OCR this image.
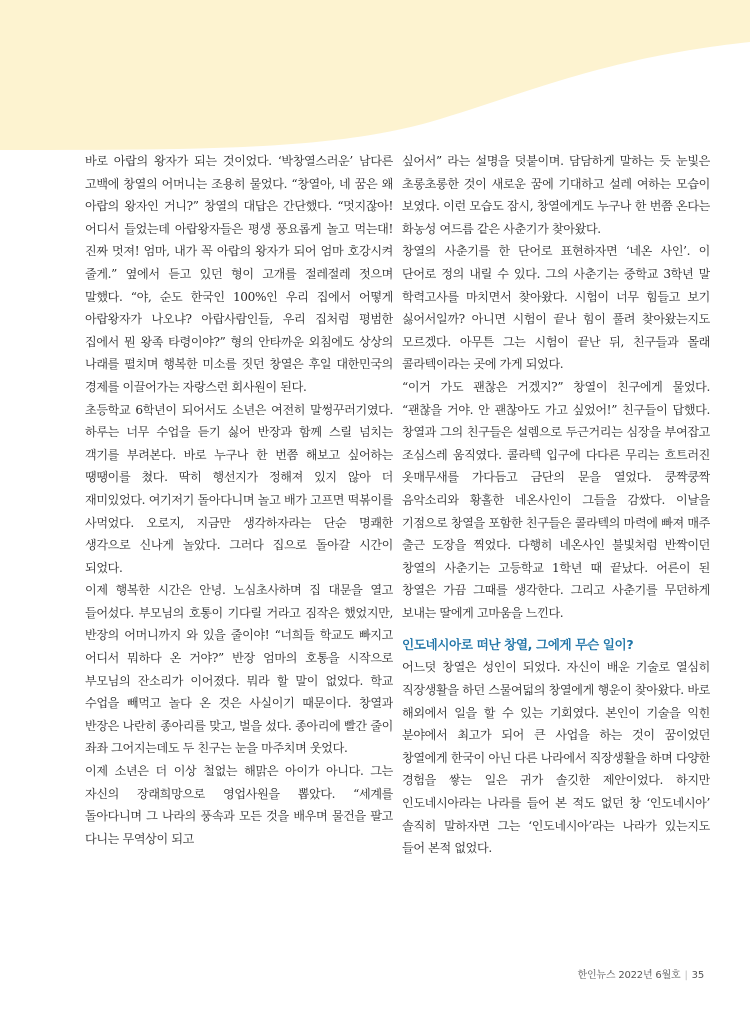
바로 아랍의 왕자가 되는 것이었다. ‘박창열스러운’ 남다른 고백에 창열의 어머니는 조용히 물었다. “창열아, 네 꿈은 왜 아랍의 왕자인 거니?” 창열의 대답은 간단했다. “멋지잖아! 어디서 들었는데 아랍왕자들은 평생 풍요롭게 놀고 먹는대! 진짜 멋져! 엄마, 내가 꼭 아랍의 왕자가 되어 엄마 호강시켜 줄게.” 옆에서 듣고 있던 형이 고개를 절레절레 젓으며 말했다. “야, 순도 한국인 100%인 우리 집에서 어떻게 아랍왕자가 나오냐? 아랍사람인들, 우리 집처럼 평범한 집에서 뭔 왕족 타령이야?” 형의 안타까운 외침에도 상상의 나래를 펼치며 행복한 미소를 짓던 창열은 후일 대한민국의 경제를 이끌어가는 자랑스런 회사원이 된다.

초등학교 6학년이 되어서도 소년은 여전히 말썽꾸러기였다. 하루는 너무 수업을 듣기 싫어 반장과 함께 스릴 넘치는 객기를 부려본다. 바로 누구나 한 번쯤 해보고 싶어하는 땡땡이를 쳤다. 딱히 행선지가 정해져 있지 않아 더 재미있었다. 여기저기 돌아다니며 놀고 배가 고프면 떡볶이를 사먹었다. 오로지, 지금만 생각하자라는 단순 명쾌한 생각으로 신나게 놀았다. 그러다 집으로 돌아갈 시간이 되었다.

이제 행복한 시간은 안녕. 노심초사하며 집 대문을 열고 들어섰다. 부모님의 호통이 기다릴 거라고 짐작은 했었지만, 반장의 어머니까지 와 있을 줄이야! “너희들 학교도 빠지고 어디서 뭐하다 온 거야?” 반장 엄마의 호통을 시작으로 부모님의 잔소리가 이어졌다. 뭐라 할 말이 없었다. 학교 수업을 빼먹고 놀다 온 것은 사실이기 때문이다. 창열과 반장은 나란히 종아리를 맞고, 벌을 섰다. 종아리에 빨간 줄이 좌좌 그어지는데도 두 친구는 눈을 마주치며 웃었다.

이제 소년은 더 이상 철없는 해맑은 아이가 아니다. 그는 자신의 장래희망으로 영업사원을 뽑았다. “세계를 돌아다니며 그 나라의 풍속과 모든 것을 배우며 물건을 팔고 다니는 무역상이 되고

싶어서” 라는 설명을 덧붙이며. 담담하게 말하는 듯 눈빛은 초롱초롱한 것이 새로운 꿈에 기대하고 설레 여하는 모습이 보였다. 이런 모습도 잠시, 창열에게도 누구나 한 번쯤 온다는 화농성 여드름 같은 사춘기가 찾아왔다.

창열의 사춘기를 한 단어로 표현하자면 ‘네온 사인’. 이 단어로 정의 내릴 수 있다. 그의 사춘기는 중학교 3학년 말 학력고사를 마치면서 찾아왔다. 시험이 너무 힘들고 보기 싫어서일까? 아니면 시험이 끝나 힘이 풀려 찾아왔는지도 모르겠다. 아무튼 그는 시험이 끝난 뒤, 친구들과 몰래 콜라텍이라는 곳에 가게 되었다.

“이거 가도 괜찮은 거겠지?” 창열이 친구에게 물었다. “괜찮을 거야. 안 괜찮아도 가고 싶었어!” 친구들이 답했다. 창열과 그의 친구들은 설렘으로 두근거리는 심장을 부여잡고 조심스레 움직였다. 콜라텍 입구에 다다른 무리는 흐트러진 옷매무새를 가다듬고 금단의 문을 열었다. 쿵짝쿵짝 음악소리와 황홀한 네온사인이 그들을 감쌌다. 이날을 기점으로 창열을 포함한 친구들은 콜라텍의 마력에 빠져 매주 출근 도장을 찍었다. 다행히 네온사인 불빛처럼 반짝이던 창열의 사춘기는 고등학교 1학년 때 끝났다. 어른이 된 창열은 가끔 그때를 생각한다. 그리고 사춘기를 무던하게 보내는 딸에게 고마움을 느낀다.

인도네시아로 떠난 창열, 그에게 무슨 일이?

어느덧 창열은 성인이 되었다. 자신이 배운 기술로 열심히 직장생활을 하던 스물여덟의 창열에게 행운이 찾아왔다. 바로 해외에서 일을 할 수 있는 기회였다. 본인이 기술을 익힌 분야에서 최고가 되어 큰 사업을 하는 것이 꿈이었던 창열에게 한국이 아닌 다른 나라에서 직장생활을 하며 다양한 경험을 쌓는 일은 귀가 솔깃한 제안이었다. 하지만 인도네시아라는 나라를 들어 본 적도 없던 창 ‘인도네시아’ 솔직히 말하자면 그는 ‘인도네시아’라는 나라가 있는지도 들어 본적 없었다.

한인뉴스 2022년 6월호 | 35
